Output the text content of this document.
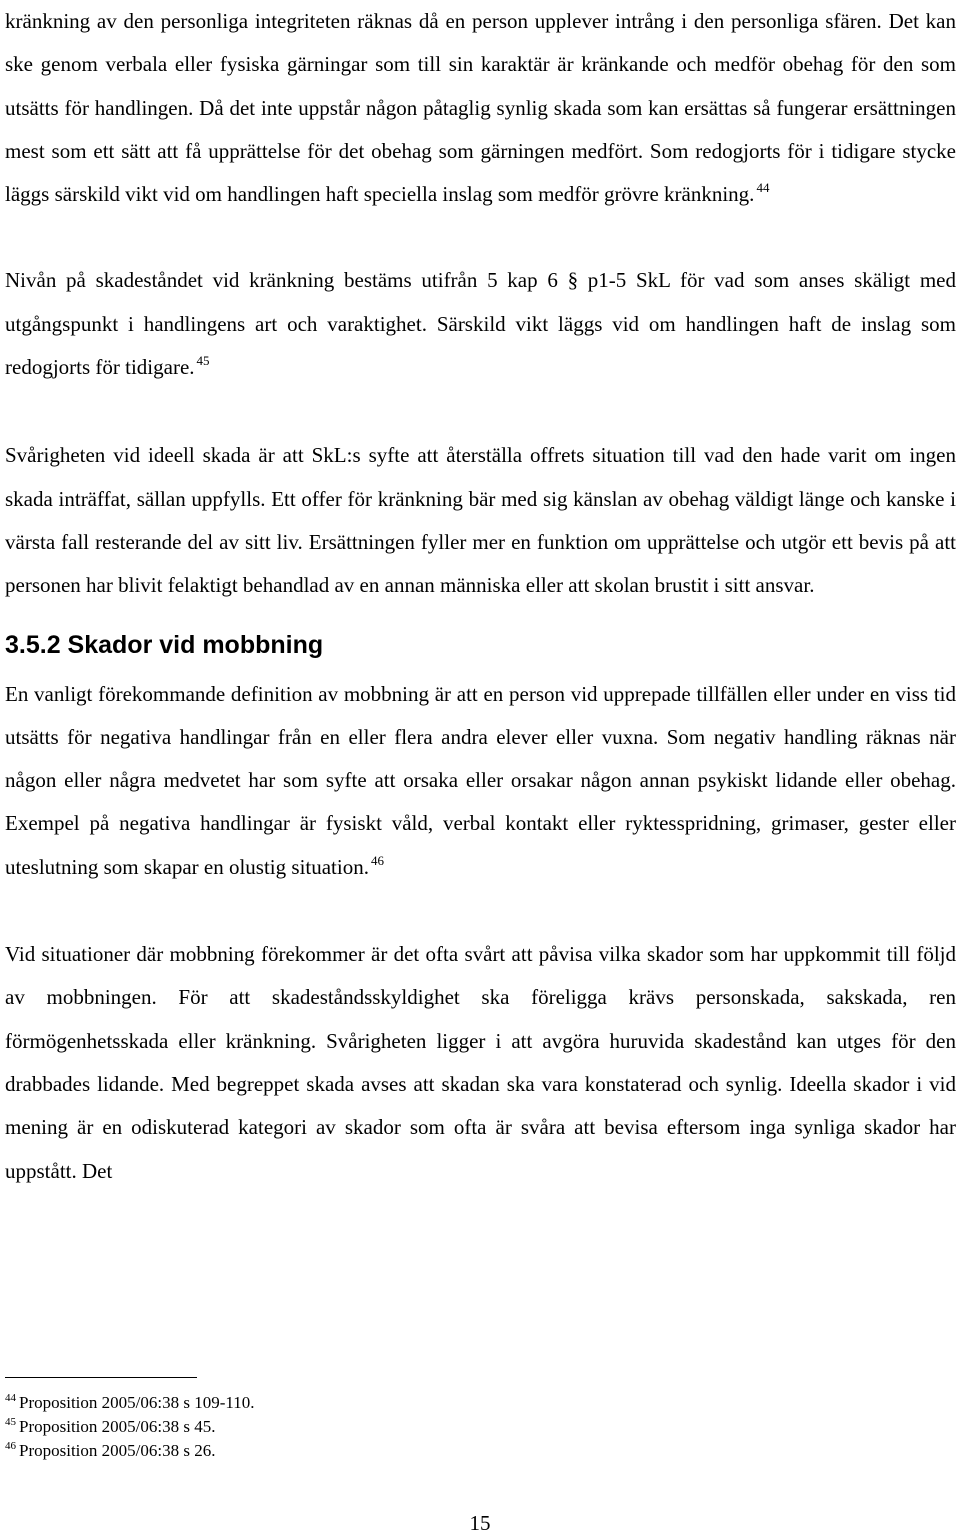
kränkning av den personliga integriteten räknas då en person upplever intrång i den personliga sfären. Det kan ske genom verbala eller fysiska gärningar som till sin karaktär är kränkande och medför obehag för den som utsätts för handlingen. Då det inte uppstår någon påtaglig synlig skada som kan ersättas så fungerar ersättningen mest som ett sätt att få upprättelse för det obehag som gärningen medfört. Som redogjorts för i tidigare stycke läggs särskild vikt vid om handlingen haft speciella inslag som medför grövre kränkning. $^{44}$

Nivån på skadeståndet vid kränkning bestäms utifrån 5 kap 6 § p1-5 SkL för vad som anses skäligt med utgångspunkt i handlingens art och varaktighet. Särskild vikt läggs vid om handlingen haft de inslag som redogjorts för tidigare. $^{45}$

Svårigheten vid ideell skada är att SkL:s syfte att återställa offrets situation till vad den hade varit om ingen skada inträffat, sällan uppfylls. Ett offer för kränkning bär med sig känslan av obehag väldigt länge och kanske i värsta fall resterande del av sitt liv. Ersättningen fyller mer en funktion om upprättelse och utgör ett bevis på att personen har blivit felaktigt behandlad av en annan människa eller att skolan brustit i sitt ansvar.

3.5.2 Skador vid mobbning

En vanligt förekommande definition av mobbning är att en person vid upprepade tillfällen eller under en viss tid utsätts för negativa handlingar från en eller flera andra elever eller vuxna. Som negativ handling räknas när någon eller några medvetet har som syfte att orsaka eller orsakar någon annan psykiskt lidande eller obehag. Exempel på negativa handlingar är fysiskt våld, verbal kontakt eller ryktesspridning, grimaser, gester eller uteslutning som skapar en olustig situation. $^{46}$

Vid situationer där mobbning förekommer är det ofta svårt att påvisa vilka skador som har uppkommit till följd av mobbningen. För att skadeståndsskyldighet ska föreligga krävs personskada, sakskada, ren förmögenhetsskada eller kränkning. Svårigheten ligger i att avgöra huruvida skadestånd kan utges för den drabbades lidande. Med begreppet skada avses att skadan ska vara konstaterad och synlig. Ideella skador i vid mening är en odiskuterad kategori av skador som ofta är svåra att bevisa eftersom inga synliga skador har uppstått. Det

$^{44}$ Proposition 2005/06:38 s 109-110.

$^{45}$ Proposition 2005/06:38 s 45.

$^{46}$ Proposition 2005/06:38 s 26.

15
